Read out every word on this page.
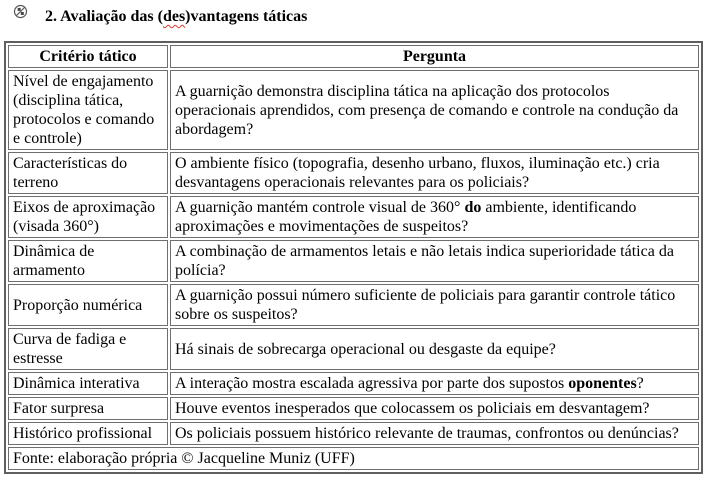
2. Avaliação das (des)vantagens táticas
Critério tático	Pergunta
Nível de engajamento (disciplina tática, protocolos e comando e controle)	A guarnição demonstra disciplina tática na aplicação dos protocolos operacionais aprendidos, com presença de comando e controle na condução da abordagem?
Características do terreno	O ambiente físico (topografia, desenho urbano, fluxos, iluminação etc.) cria desvantagens operacionais relevantes para os policiais?
Eixos de aproximação (visada 360°)	A guarnição mantém controle visual de 360° do ambiente, identificando aproximações e movimentações de suspeitos?
Dinâmica de armamento	A combinação de armamentos letais e não letais indica superioridade tática da polícia?
Proporção numérica	A guarnição possui número suficiente de policiais para garantir controle tático sobre os suspeitos?
Curva de fadiga e estresse	Há sinais de sobrecarga operacional ou desgaste da equipe?
Dinâmica interativa	A interação mostra escalada agressiva por parte dos supostos oponentes?
Fator surpresa	Houve eventos inesperados que colocassem os policiais em desvantagem?
Histórico profissional	Os policiais possuem histórico relevante de traumas, confrontos ou denúncias?
Fonte: elaboração própria © Jacqueline Muniz (UFF)	
